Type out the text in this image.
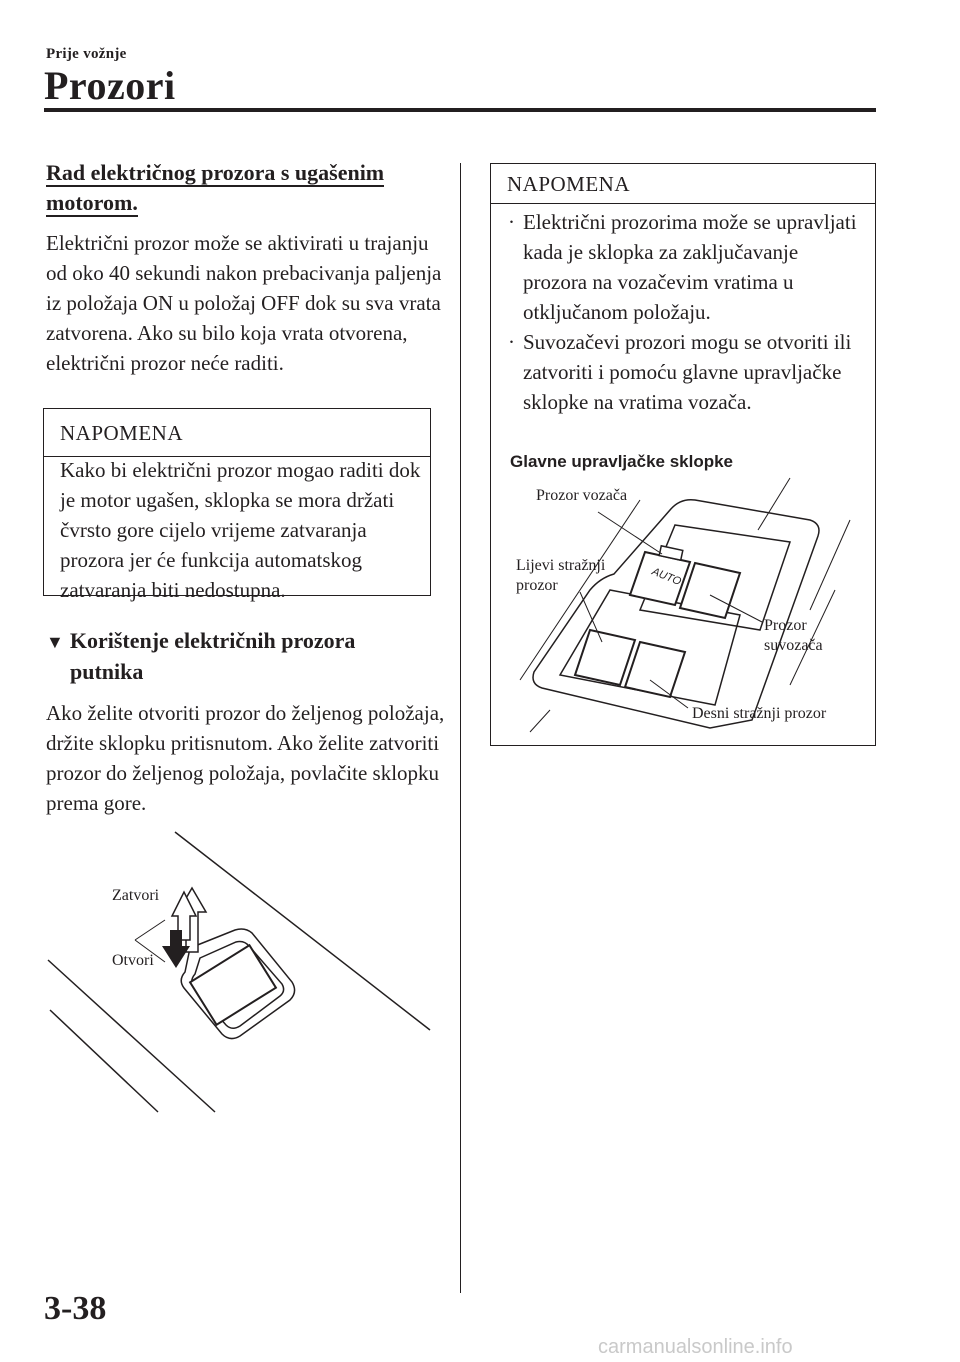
Prije vožnje
Prozori
Rad električnog prozora s ugašenim motorom.
Električni prozor može se aktivirati u trajanju od oko 40 sekundi nakon prebacivanja paljenja iz položaja ON u položaj OFF dok su sva vrata zatvorena. Ako su bilo koja vrata otvorena, električni prozor neće raditi.
NAPOMENA
Kako bi električni prozor mogao raditi dok je motor ugašen, sklopka se mora držati čvrsto gore cijelo vrijeme zatvaranja prozora jer će funkcija automatskog zatvaranja biti nedostupna.
▼ Korištenje električnih prozora
putnika
Ako želite otvoriti prozor do željenog položaja, držite sklopku pritisnutom. Ako želite zatvoriti prozor do željenog položaja, povlačite sklopku prema gore.
Zatvori
Otvori
NAPOMENA
· Električni prozorima može se upravljati kada je sklopka za zaključavanje prozora na vozačevim vratima u otključanom položaju.
· Suvozačevi prozori mogu se otvoriti ili zatvoriti i pomoću glavne upravljačke sklopke na vratima vozača.
Glavne upravljačke sklopke
AUTO
Prozor vozača
Lijevi stražnji
prozor
Prozor
suvozača
Desni stražnji prozor
3-38
carmanualsonline.info
